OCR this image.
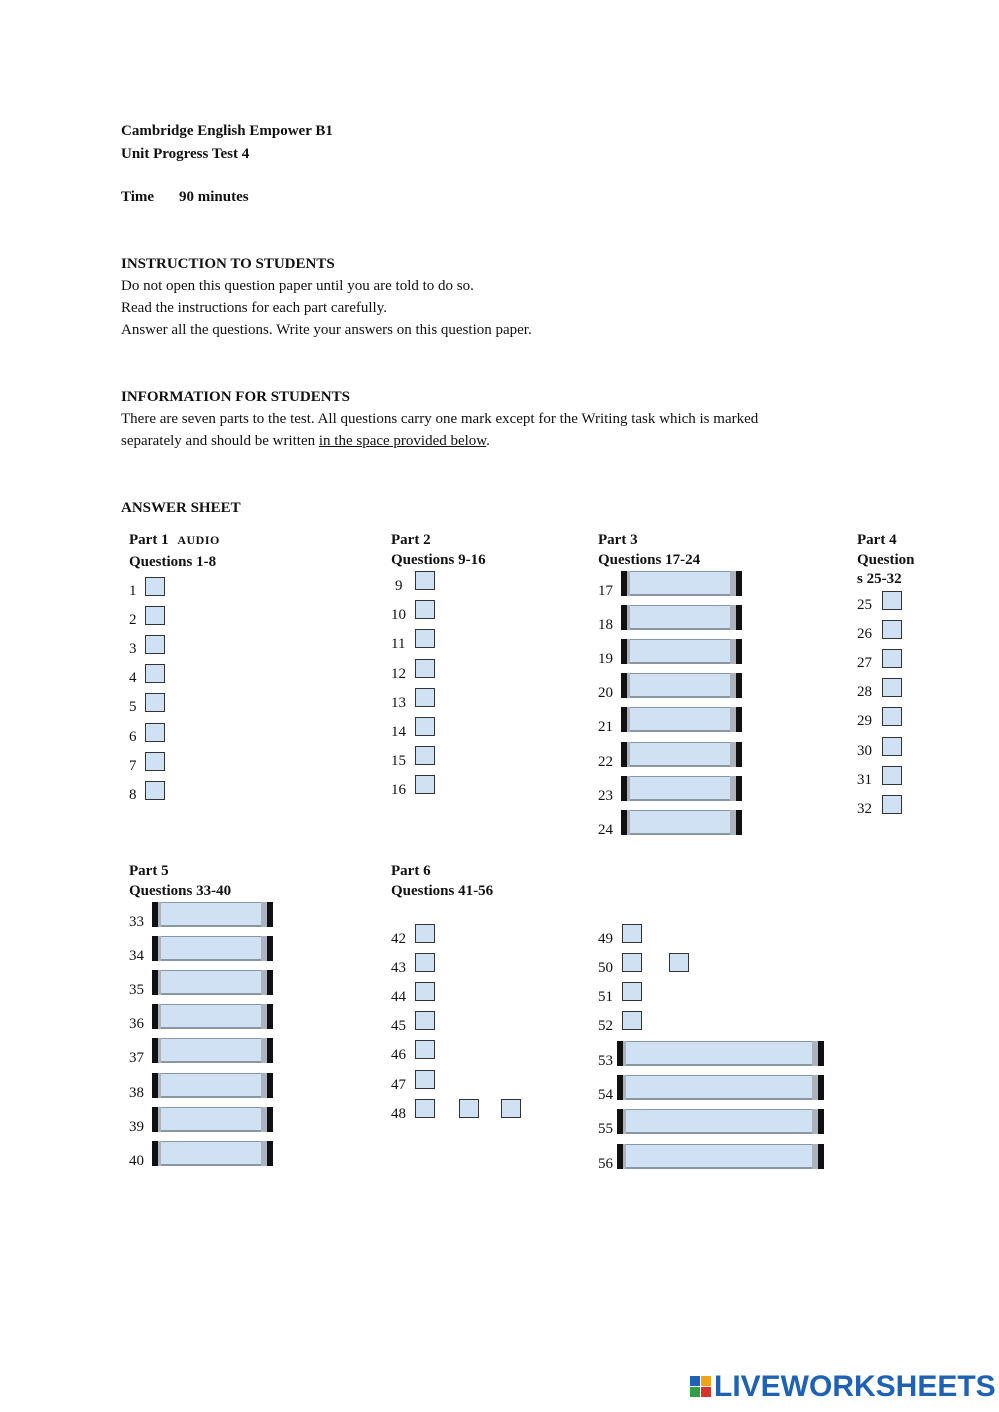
Cambridge English Empower B1
Unit Progress Test 4
Time 90 minutes
INSTRUCTION TO STUDENTS
Do not open this question paper until you are told to do so.
Read the instructions for each part carefully.
Answer all the questions. Write your answers on this question paper.
INFORMATION FOR STUDENTS
There are seven parts to the test. All questions carry one mark except for the Writing task which is marked
separately and should be written in the space provided below.
ANSWER SHEET
Part 1 AUDIO
Questions 1-8
1
2
3
4
5
6
7
8
Part 2
Questions 9-16
9
10
11
12
13
14
15
16
Part 3
Questions 17-24
17
18
19
20
21
22
23
24
Part 4
Question
s 25-32
25
26
27
28
29
30
31
32
Part 5
Questions 33-40
33
34
35
36
37
38
39
40
Part 6
Questions 41-56
42
43
44
45
46
47
48
49
50
51
52
53
54
55
56
LIVEWORKSHEETS
